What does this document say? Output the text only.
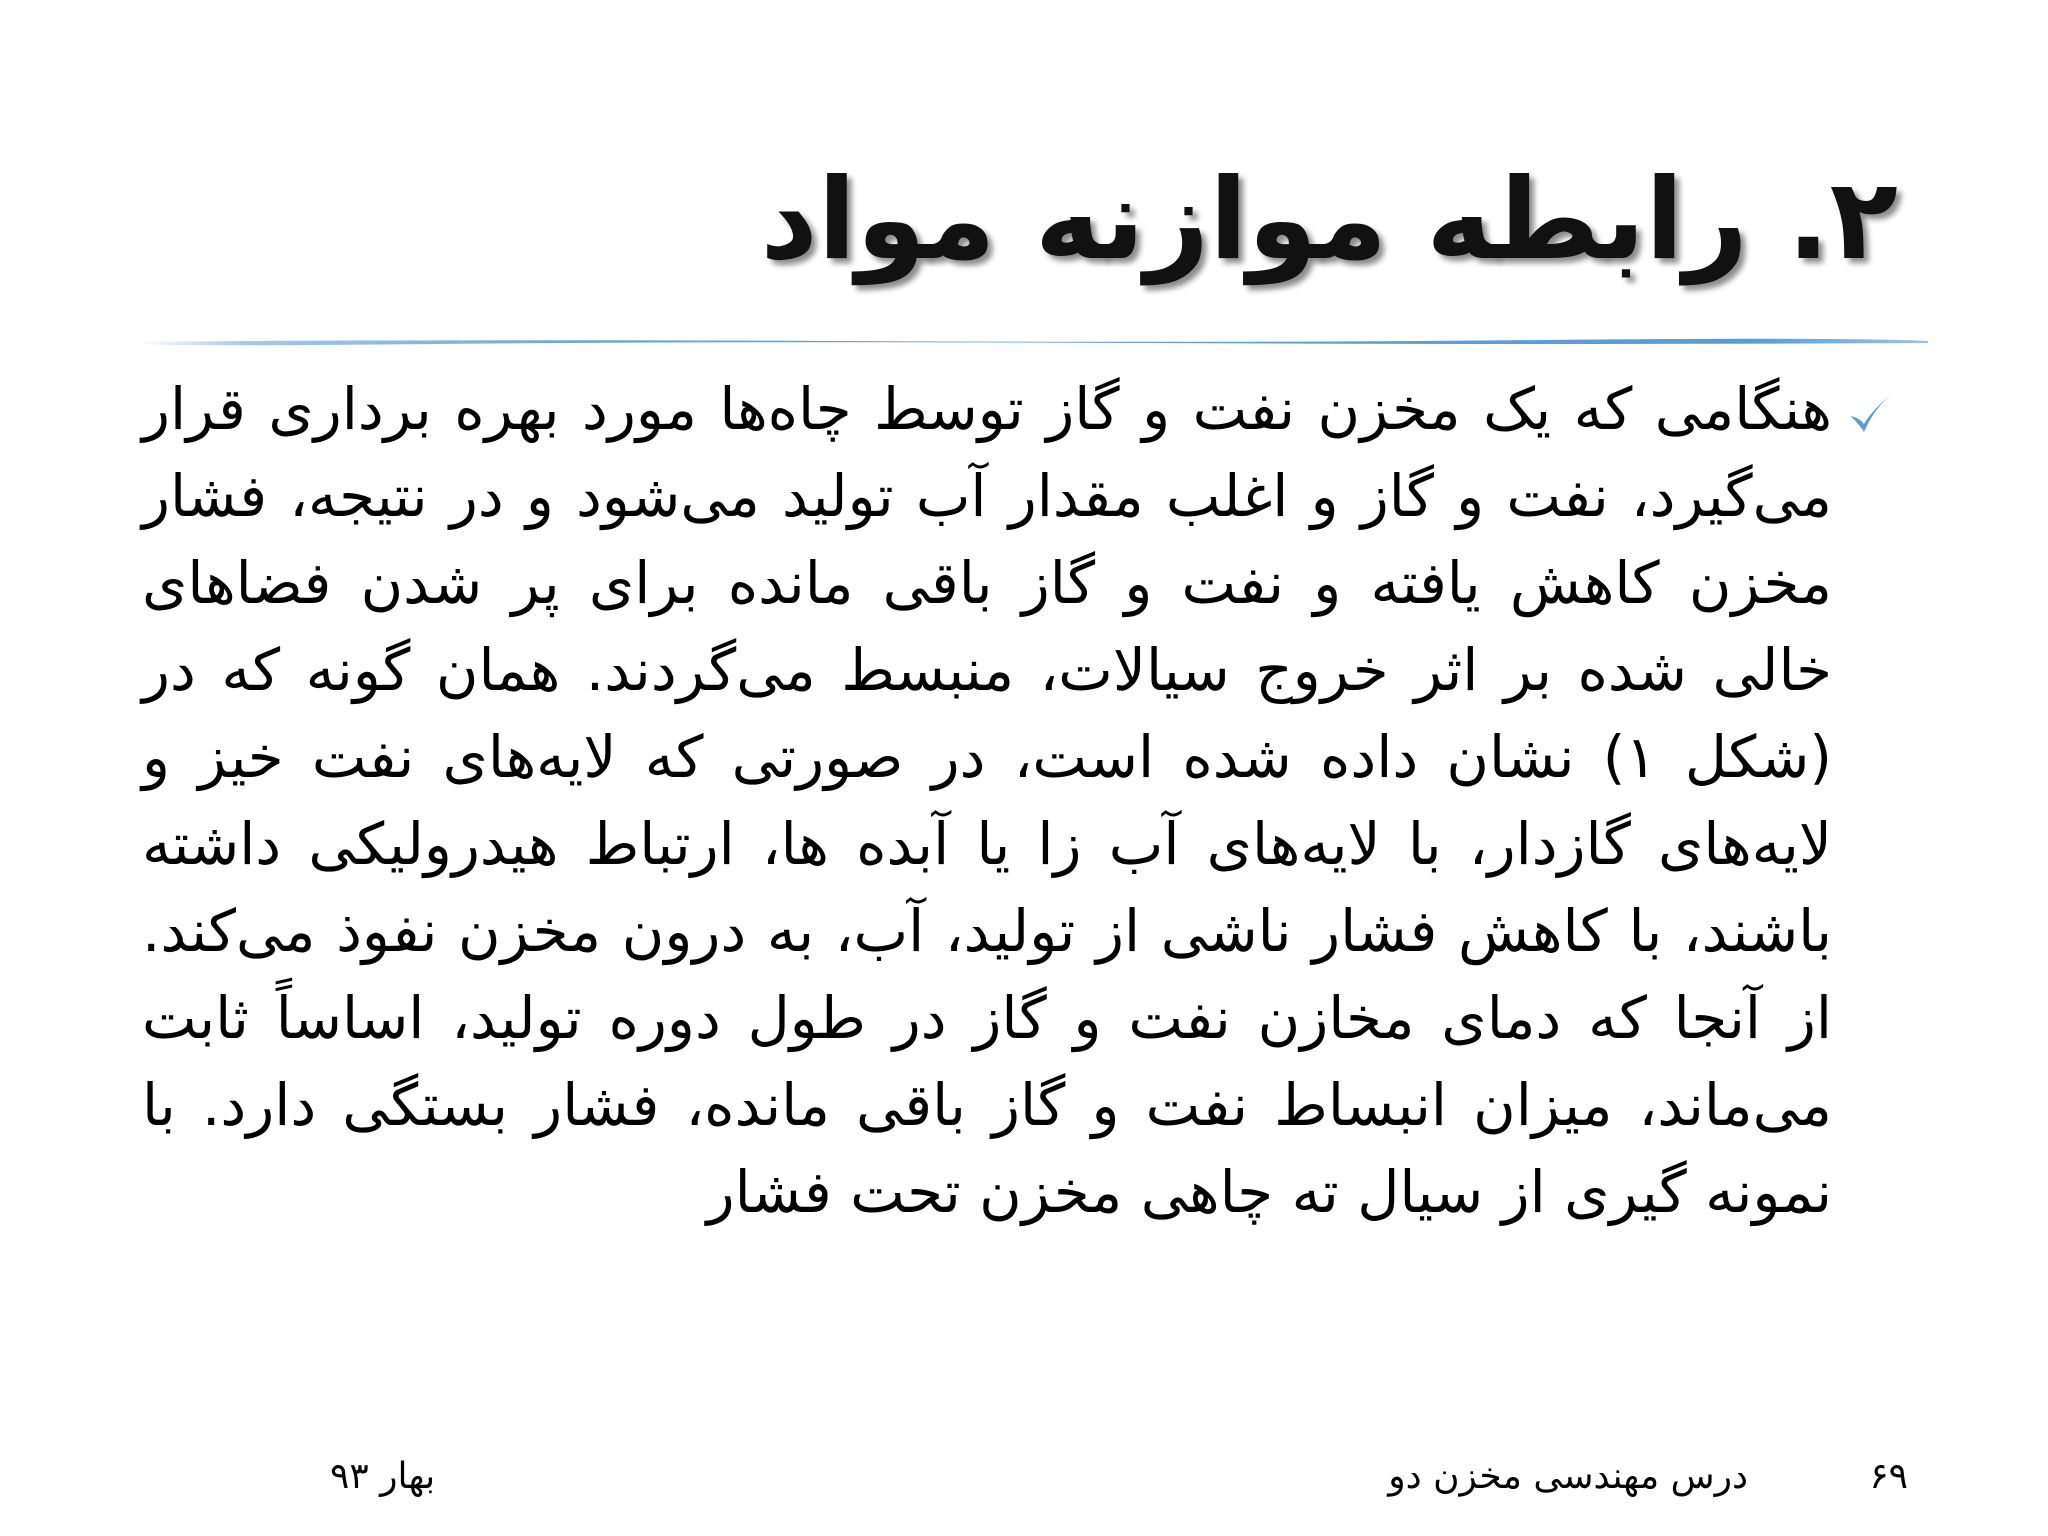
۲. رابطه موازنه مواد

هنگامی که یک مخزن نفت و گاز توسط چاه‌ها مورد بهره برداری قرار می‌گیرد، نفت و گاز و اغلب مقدار آب تولید می‌شود و در نتیجه، فشار مخزن کاهش یافته و نفت و گاز باقی مانده برای پر شدن فضاهای خالی شده بر اثر خروج سیالات، منبسط می‌گردند. همان گونه که در (شکل ۱) نشان داده شده است، در صورتی که لایه‌های نفت خیز و لایه‌های گازدار، با لایه‌های آب زا یا آبده ها، ارتباط هیدرولیکی داشته باشند، با کاهش فشار ناشی از تولید، آب، به درون مخزن نفوذ می‌کند. از آنجا که دمای مخازن نفت و گاز در طول دوره تولید، اساساً ثابت می‌ماند، میزان انبساط نفت و گاز باقی مانده، فشار بستگی دارد. با نمونه گیری از سیال ته چاهی مخزن تحت فشار

۶۹
درس مهندسی مخزن دو
بهار ۹۳
